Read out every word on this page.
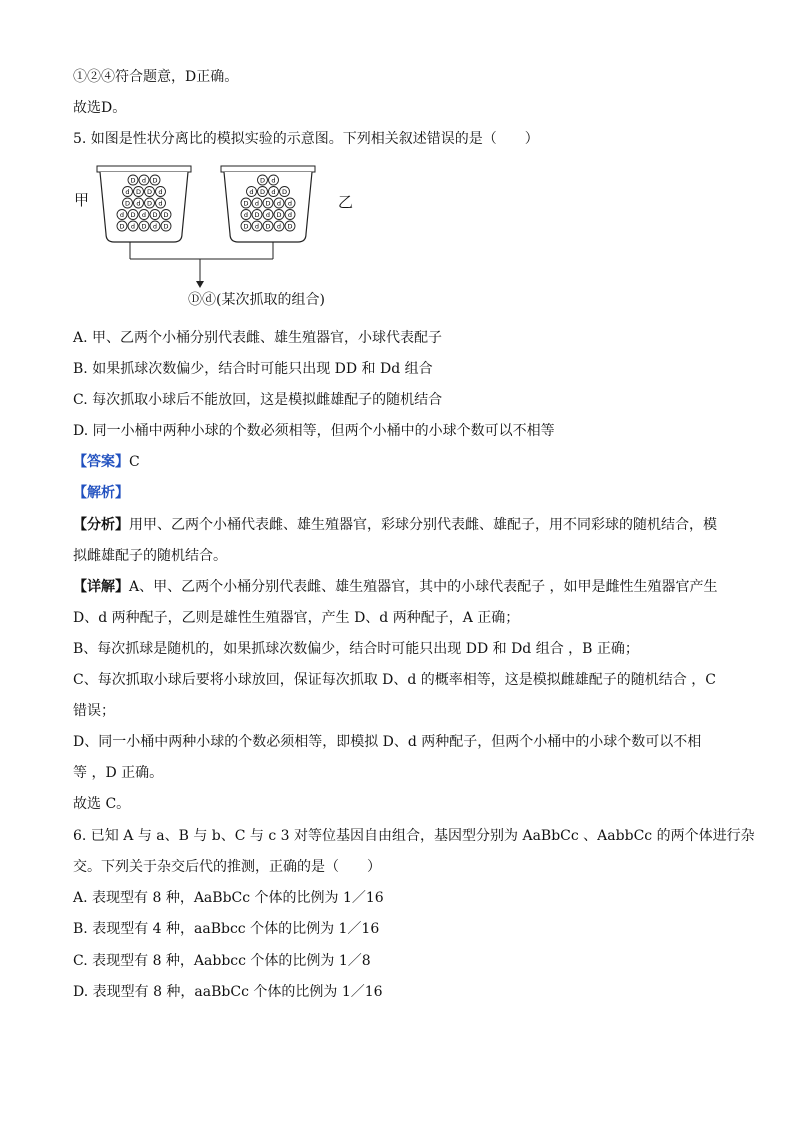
①②④符合题意，D正确。
故选D。
5. 如图是性状分离比的模拟实验的示意图。下列相关叙述错误的是（　　）
甲	乙
D d D
d D D d
D d D d
d D d D D
D d D d D
D d
d D d D
D d D d d
d D d D d
D d D d D
Ⓓⓓ(某次抓取的组合)
A. 甲、乙两个小桶分别代表雌、雄生殖器官，小球代表配子
B. 如果抓球次数偏少，结合时可能只出现 DD 和 Dd 组合
C. 每次抓取小球后不能放回，这是模拟雌雄配子的随机结合
D. 同一小桶中两种小球的个数必须相等，但两个小桶中的小球个数可以不相等
【答案】C
【解析】
【分析】用甲、乙两个小桶代表雌、雄生殖器官，彩球分别代表雌、雄配子，用不同彩球的随机结合，模
拟雌雄配子的随机结合。
【详解】A、甲、乙两个小桶分别代表雌、雄生殖器官，其中的小球代表配子 ，如甲是雌性生殖器官产生
D、d 两种配子，乙则是雄性生殖器官，产生 D、d 两种配子，A 正确；
B、每次抓球是随机的，如果抓球次数偏少，结合时可能只出现 DD 和 Dd 组合 ，B 正确；
C、每次抓取小球后要将小球放回，保证每次抓取 D、d 的概率相等，这是模拟雌雄配子的随机结合 ，C
错误；
D、同一小桶中两种小球的个数必须相等，即模拟 D、d 两种配子，但两个小桶中的小球个数可以不相
等 ，D 正确。
故选 C。
6. 已知 A 与 a、B 与 b、C 与 c 3 对等位基因自由组合，基因型分别为 AaBbCc 、AabbCc 的两个体进行杂
交。下列关于杂交后代的推测，正确的是（　　）
A. 表现型有 8 种，AaBbCc 个体的比例为 1／16
B. 表现型有 4 种，aaBbcc 个体的比例为 1／16
C. 表现型有 8 种，Aabbcc 个体的比例为 1／8
D. 表现型有 8 种，aaBbCc 个体的比例为 1／16
